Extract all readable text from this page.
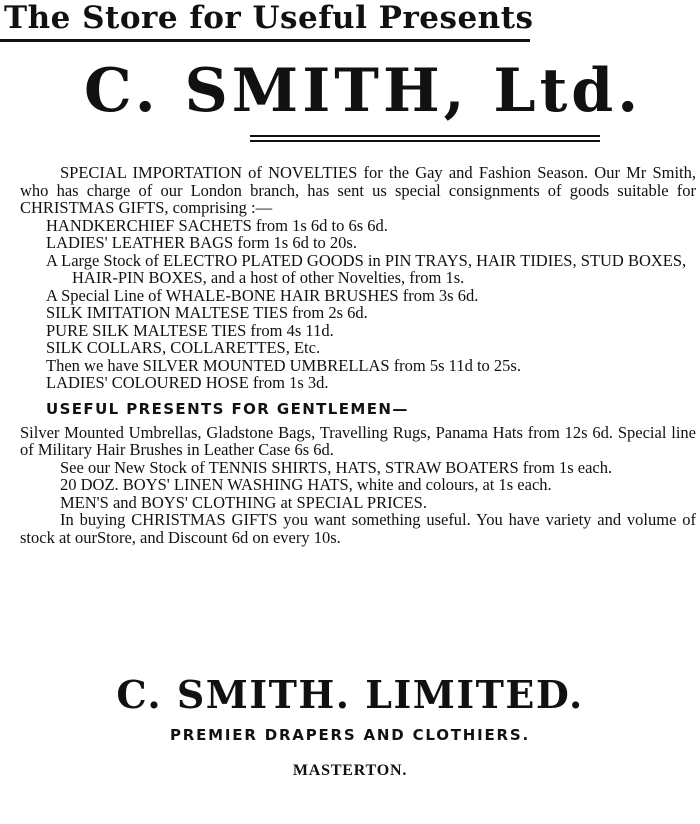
The Store for Useful Presents
C. SMITH, Ltd.

SPECIAL IMPORTATION of NOVELTIES for the Gay and Fashion Season. Our Mr Smith, who has charge of our London branch, has sent us special consignments of goods suitable for CHRISTMAS GIFTS, comprising :—

HANDKERCHIEF SACHETS from 1s 6d to 6s 6d.
LADIES' LEATHER BAGS form 1s 6d to 20s.
A Large Stock of ELECTRO PLATED GOODS in PIN TRAYS, HAIR TIDIES, STUD BOXES, HAIR-PIN BOXES, and a host of other Novelties, from 1s.
A Special Line of WHALE-BONE HAIR BRUSHES from 3s 6d.
SILK IMITATION MALTESE TIES from 2s 6d.
PURE SILK MALTESE TIES from 4s 11d.
SILK COLLARS, COLLARETTES, Etc.
Then we have SILVER MOUNTED UMBRELLAS from 5s 11d to 25s.
LADIES' COLOURED HOSE from 1s 3d.
USEFUL PRESENTS FOR GENTLEMEN—

Silver Mounted Umbrellas, Gladstone Bags, Travelling Rugs, Panama Hats from 12s 6d. Special line of Military Hair Brushes in Leather Case 6s 6d.

See our New Stock of TENNIS SHIRTS, HATS, STRAW BOATERS from 1s each.

20 DOZ. BOYS' LINEN WASHING HATS, white and colours, at 1s each.

MEN'S and BOYS' CLOTHING at SPECIAL PRICES.

In buying CHRISTMAS GIFTS you want something useful. You have variety and volume of stock at ourStore, and Discount 6d on every 10s.

C. SMITH. LIMITED.
PREMIER DRAPERS AND CLOTHIERS.
MASTERTON.
